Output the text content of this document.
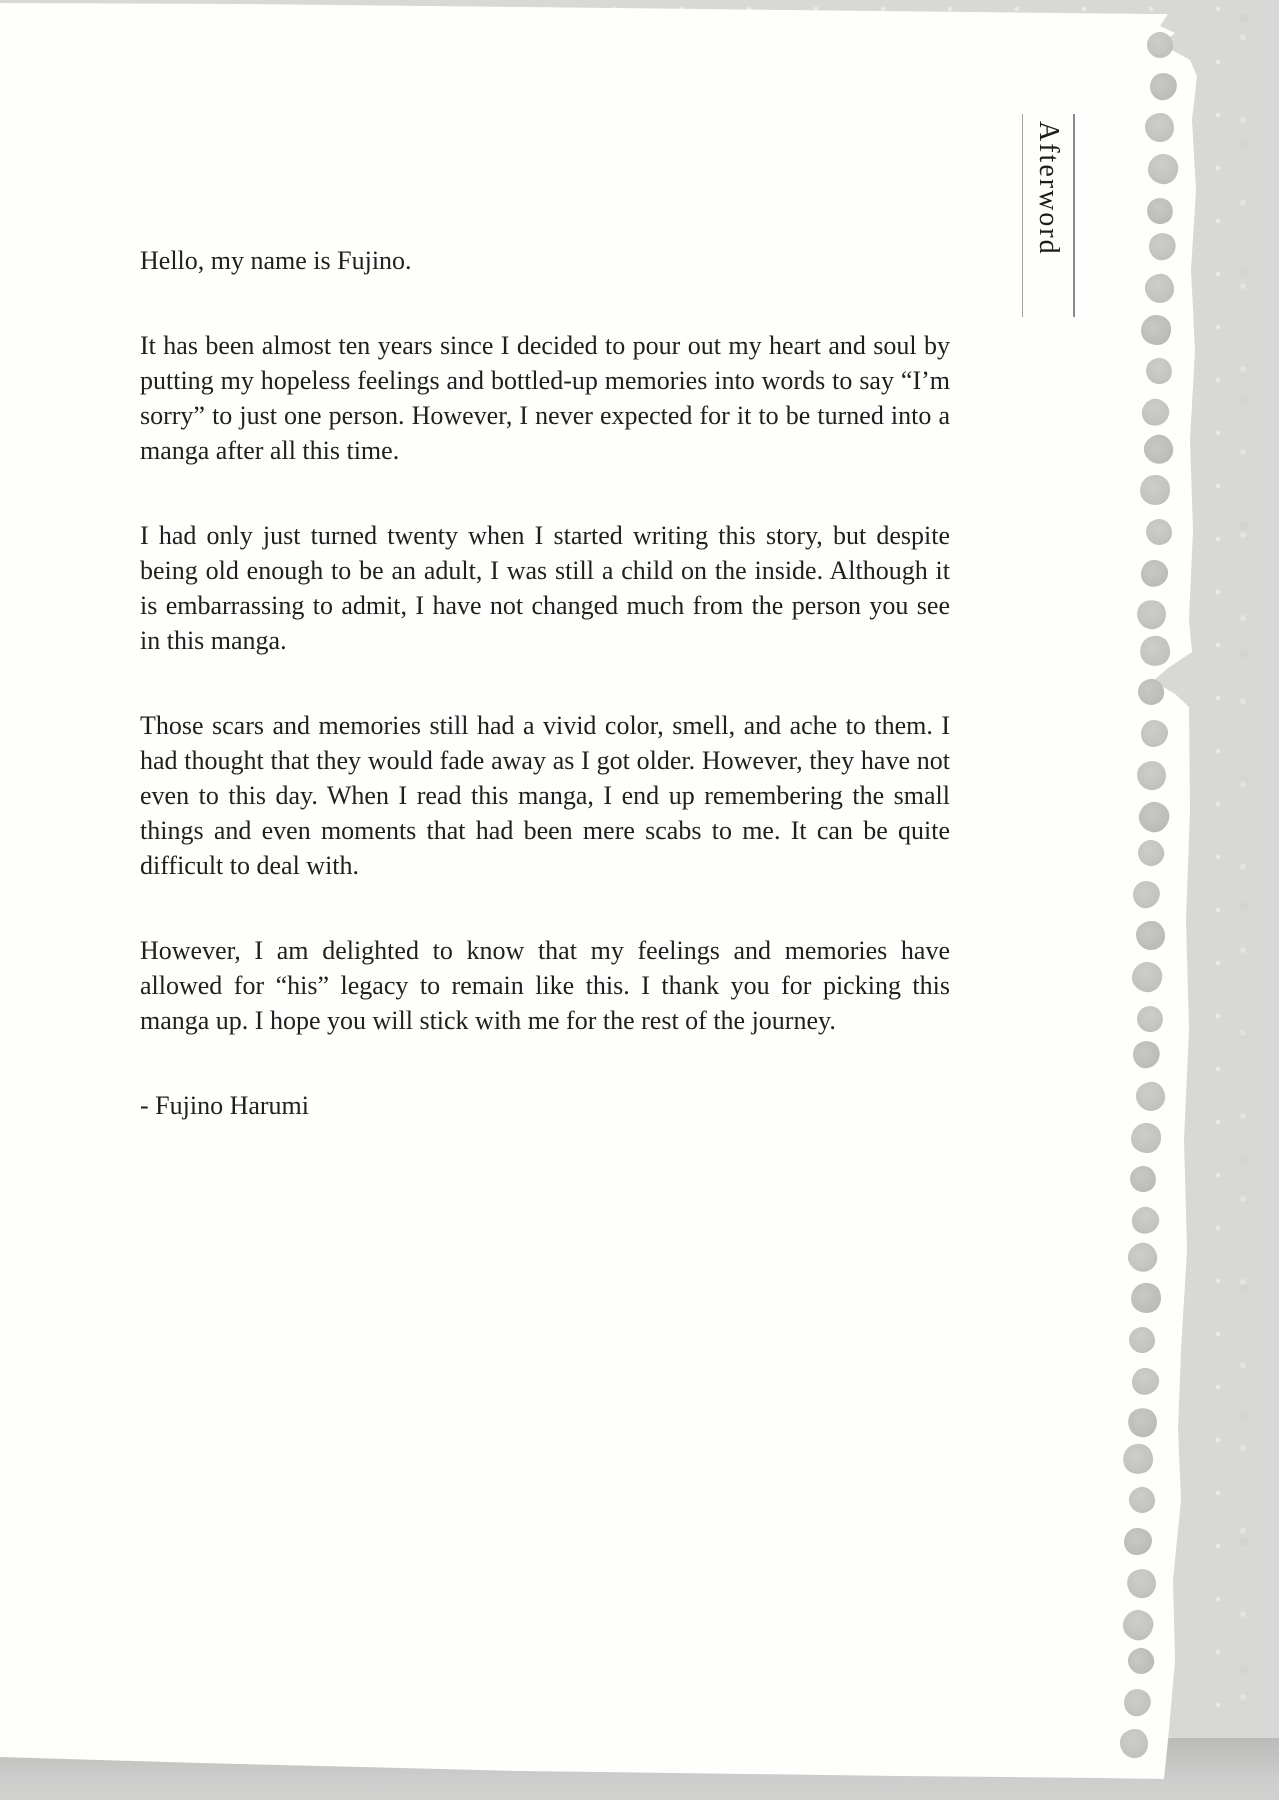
Afterword
Hello, my name is Fujino.
It has been almost ten years since I decided to pour out my heart and soul by putting my hopeless feelings and bottled-up memories into words to say “I’m sorry” to just one person. However, I never expected for it to be turned into a manga after all this time.
I had only just turned twenty when I started writing this story, but despite being old enough to be an adult, I was still a child on the inside. Although it is embarrassing to admit, I have not changed much from the person you see in this manga.
Those scars and memories still had a vivid color, smell, and ache to them. I had thought that they would fade away as I got older. However, they have not even to this day. When I read this manga, I end up remembering the small things and even moments that had been mere scabs to me. It can be quite difficult to deal with.
However, I am delighted to know that my feelings and memories have allowed for “his” legacy to remain like this. I thank you for picking this manga up. I hope you will stick with me for the rest of the journey.
- Fujino Harumi
